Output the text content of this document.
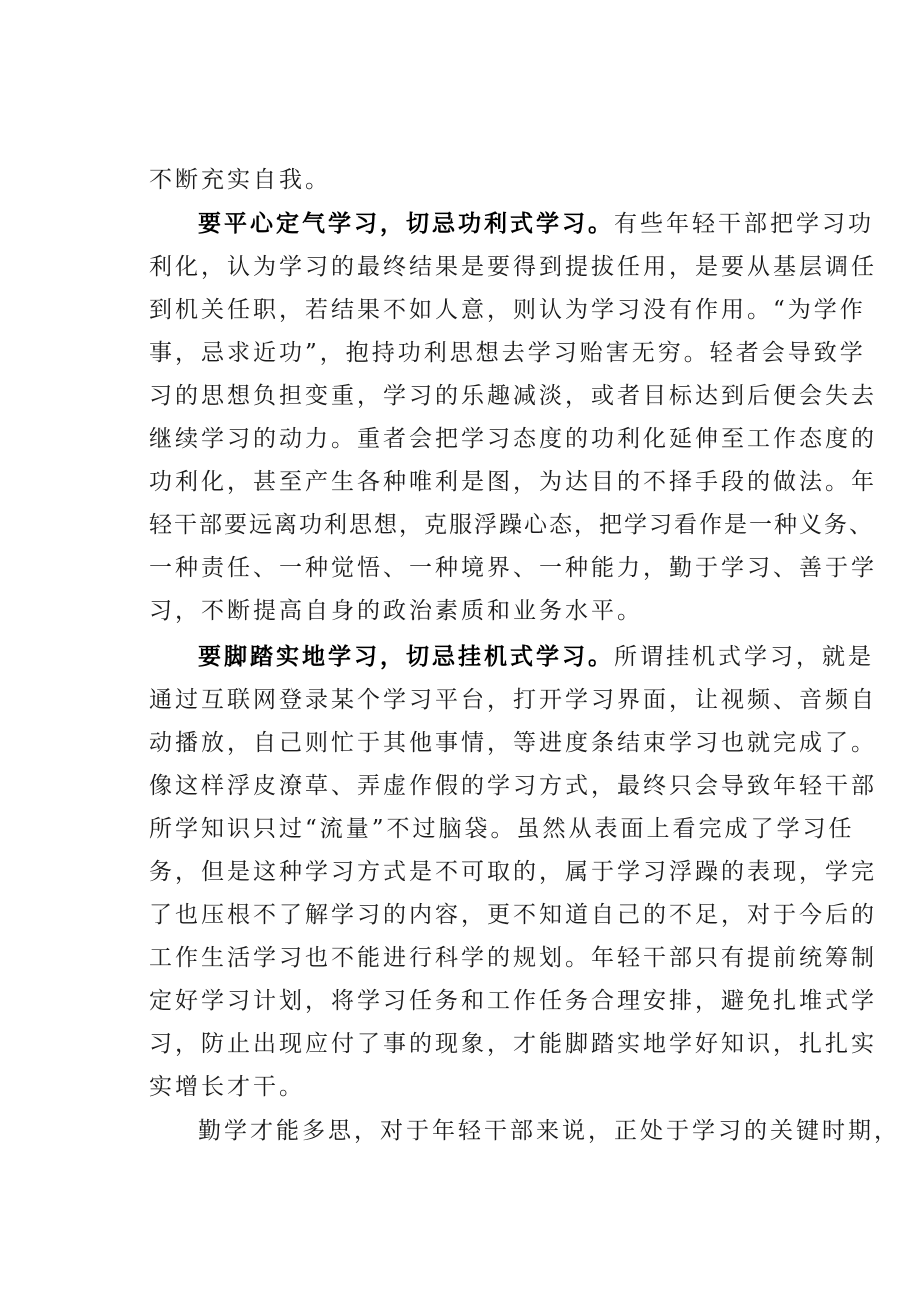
不断充实自我。
要平心定气学习，切忌功利式学习。有些年轻干部把学习功
利化，认为学习的最终结果是要得到提拔任用，是要从基层调任
到机关任职，若结果不如人意，则认为学习没有作用。“为学作
事，忌求近功”，抱持功利思想去学习贻害无穷。轻者会导致学
习的思想负担变重，学习的乐趣减淡，或者目标达到后便会失去
继续学习的动力。重者会把学习态度的功利化延伸至工作态度的
功利化，甚至产生各种唯利是图，为达目的不择手段的做法。年
轻干部要远离功利思想，克服浮躁心态，把学习看作是一种义务、
一种责任、一种觉悟、一种境界、一种能力，勤于学习、善于学
习，不断提高自身的政治素质和业务水平。
要脚踏实地学习，切忌挂机式学习。所谓挂机式学习，就是
通过互联网登录某个学习平台，打开学习界面，让视频、音频自
动播放，自己则忙于其他事情，等进度条结束学习也就完成了。
像这样浮皮潦草、弄虚作假的学习方式，最终只会导致年轻干部
所学知识只过“流量”不过脑袋。虽然从表面上看完成了学习任
务，但是这种学习方式是不可取的，属于学习浮躁的表现，学完
了也压根不了解学习的内容，更不知道自己的不足，对于今后的
工作生活学习也不能进行科学的规划。年轻干部只有提前统筹制
定好学习计划，将学习任务和工作任务合理安排，避免扎堆式学
习，防止出现应付了事的现象，才能脚踏实地学好知识，扎扎实
实增长才干。
勤学才能多思，对于年轻干部来说，正处于学习的关键时期，
